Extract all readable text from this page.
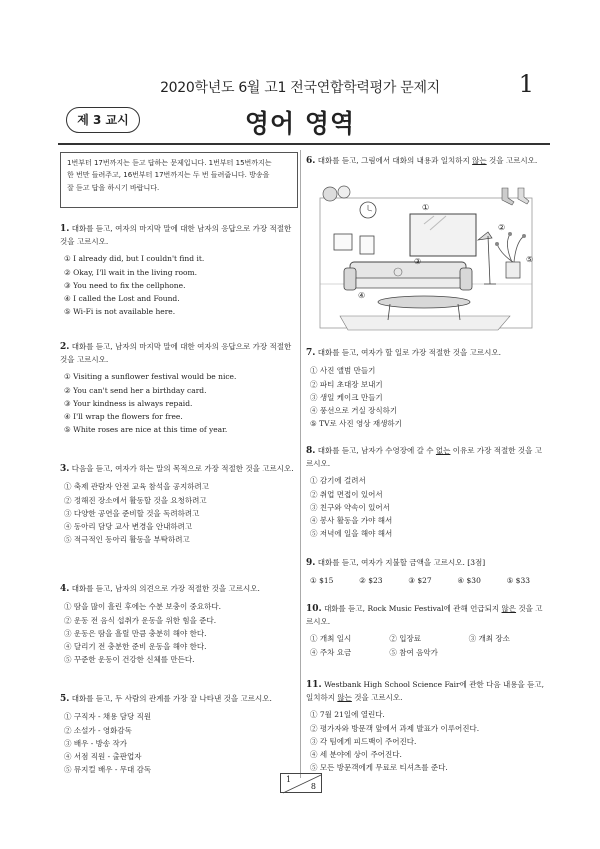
2020학년도 6월 고1 전국연합학력평가 문제지	1
제 3 교시	영어 영역
1번부터 17번까지는 듣고 답하는 문제입니다. 1번부터 15번까지는
한 번만 들려주고, 16번부터 17번까지는 두 번 들려줍니다. 방송을
잘 듣고 답을 하시기 바랍니다.
1. 대화를 듣고, 여자의 마지막 말에 대한 남자의 응답으로 가장 적절한 것을 고르시오.
① I already did, but I couldn't find it.
② Okay, I'll wait in the living room.
③ You need to fix the cellphone.
④ I called the Lost and Found.
⑤ Wi-Fi is not available here.
2. 대화를 듣고, 남자의 마지막 말에 대한 여자의 응답으로 가장 적절한 것을 고르시오.
① Visiting a sunflower festival would be nice.
② You can't send her a birthday card.
③ Your kindness is always repaid.
④ I'll wrap the flowers for free.
⑤ White roses are nice at this time of year.
3. 다음을 듣고, 여자가 하는 말의 목적으로 가장 적절한 것을 고르시오.
① 축제 관람자 안전 교육 참석을 공지하려고
② 정해진 장소에서 활동할 것을 요청하려고
③ 다양한 공연을 준비할 것을 독려하려고
④ 동아리 담당 교사 변경을 안내하려고
⑤ 적극적인 동아리 활동을 부탁하려고
4. 대화를 듣고, 남자의 의견으로 가장 적절한 것을 고르시오.
① 땀을 많이 흘린 후에는 수분 보충이 중요하다.
② 운동 전 음식 섭취가 운동을 위한 힘을 준다.
③ 운동은 땀을 흘릴 만큼 충분히 해야 한다.
④ 달리기 전 충분한 준비 운동을 해야 한다.
⑤ 꾸준한 운동이 건강한 신체를 만든다.
5. 대화를 듣고, 두 사람의 관계를 가장 잘 나타낸 것을 고르시오.
① 구직자 - 채용 담당 직원
② 소설가 - 영화감독
③ 배우 - 방송 작가
④ 서점 직원 - 출판업자
⑤ 뮤지컬 배우 - 무대 감독
6. 대화를 듣고, 그림에서 대화의 내용과 일치하지 않는 것을 고르시오.
①
②
③
④
⑤
7. 대화를 듣고, 여자가 할 일로 가장 적절한 것을 고르시오.
① 사진 앨범 만들기
② 파티 초대장 보내기
③ 생일 케이크 만들기
④ 풍선으로 거실 장식하기
⑤ TV로 사진 영상 재생하기
8. 대화를 듣고, 남자가 수영장에 갈 수 없는 이유로 가장 적절한 것을 고르시오.
① 감기에 걸려서
② 취업 면접이 있어서
③ 친구와 약속이 있어서
④ 봉사 활동을 가야 해서
⑤ 저녁에 일을 해야 해서
9. 대화를 듣고, 여자가 지불할 금액을 고르시오. [3점]
① $15	② $23	③ $27	④ $30	⑤ $33
10. 대화를 듣고, Rock Music Festival에 관해 언급되지 않은 것을 고르시오.
① 개최 일시	② 입장료	③ 개최 장소
④ 주차 요금	⑤ 참여 음악가
11. Westbank High School Science Fair에 관한 다음 내용을 듣고, 일치하지 않는 것을 고르시오.
① 7월 21일에 열린다.
② 평가자와 방문객 앞에서 과제 발표가 이루어진다.
③ 각 팀에게 피드백이 주어진다.
④ 세 분야에 상이 주어진다.
⑤ 모든 방문객에게 무료로 티셔츠를 준다.
1
8
